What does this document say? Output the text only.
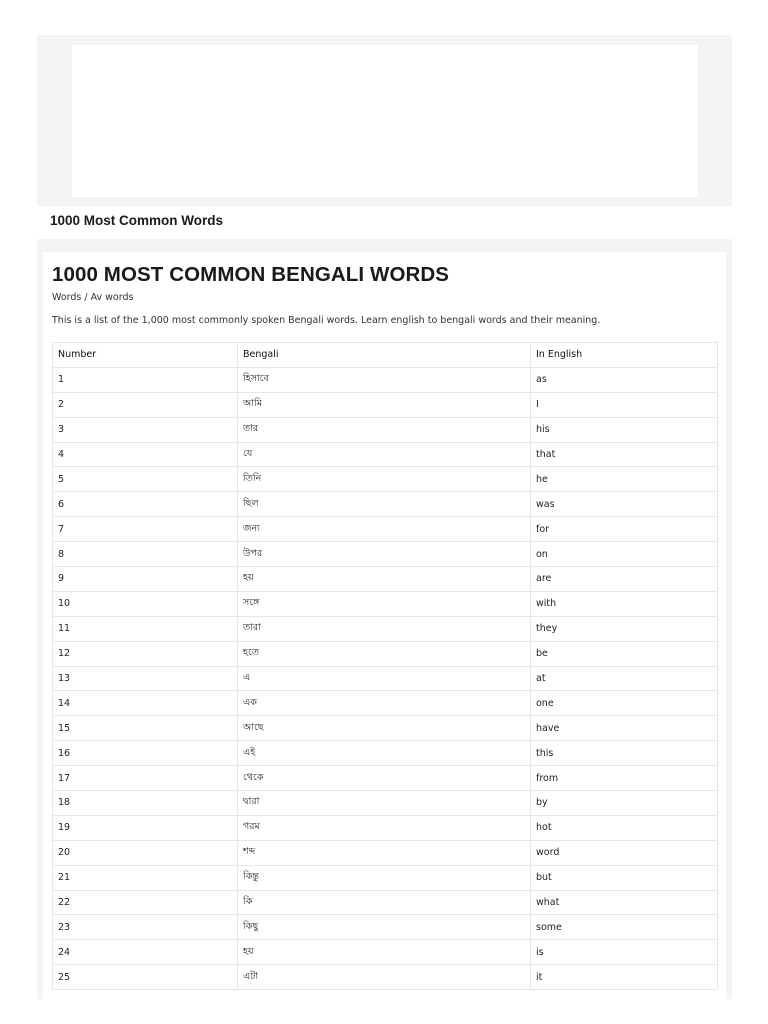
1000 Most Common Words
1000 MOST COMMON BENGALI WORDS
Words / Av words
This is a list of the 1,000 most commonly spoken Bengali words. Learn english to bengali words and their meaning.
Number	Bengali	In English
1	হিসাবে	as
2	আমি	I
3	তার	his
4	যে	that
5	তিনি	he
6	ছিল	was
7	জন্য	for
8	উপর	on
9	হয়	are
10	সঙ্গে	with
11	তারা	they
12	হতে	be
13	এ	at
14	এক	one
15	আছে	have
16	এই	this
17	থেকে	from
18	দ্বারা	by
19	গরম	hot
20	শব্দ	word
21	কিন্তু	but
22	কি	what
23	কিছু	some
24	হয়	is
25	এটা	it
